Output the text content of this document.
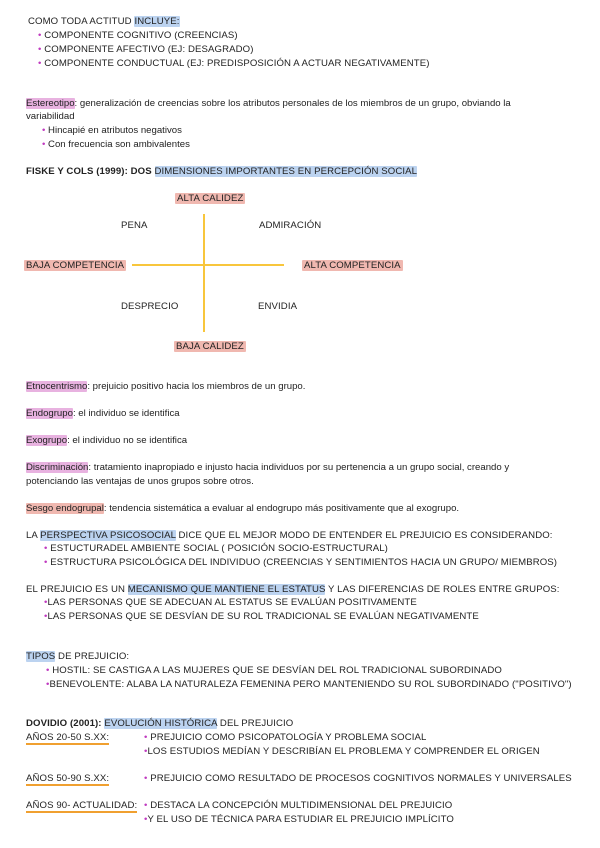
COMO TODA ACTITUD INCLUYE:
• COMPONENTE COGNITIVO (CREENCIAS)
• COMPONENTE AFECTIVO (EJ: DESAGRADO)
• COMPONENTE CONDUCTUAL (EJ: PREDISPOSICIÓN A ACTUAR NEGATIVAMENTE)
Estereotipo: generalización de creencias sobre los atributos personales de los miembros de un grupo, obviando la
variabilidad
• Hincapié en atributos negativos
• Con frecuencia son ambivalentes
FISKE Y COLS (1999): DOS DIMENSIONES IMPORTANTES EN PERCEPCIÓN SOCIAL
ALTA CALIDEZ
BAJA CALIDEZ
BAJA COMPETENCIA	ALTA COMPETENCIA
PENA	ADMIRACIÓN
DESPRECIO	ENVIDIA
Etnocentrismo: prejuicio positivo hacia los miembros de un grupo.
Endogrupo: el individuo se identifica
Exogrupo: el individuo no se identifica
Discriminación: tratamiento inapropiado e injusto hacia individuos por su pertenencia a un grupo social, creando y
potenciando las ventajas de unos grupos sobre otros.
Sesgo endogrupal: tendencia sistemática a evaluar al endogrupo más positivamente que al exogrupo.
LA PERSPECTIVA PSICOSOCIAL DICE QUE EL MEJOR MODO DE ENTENDER EL PREJUICIO ES CONSIDERANDO:
• ESTUCTURADEL AMBIENTE SOCIAL ( POSICIÓN SOCIO-ESTRUCTURAL)
• ESTRUCTURA PSICOLÓGICA DEL INDIVIDUO (CREENCIAS Y SENTIMIENTOS HACIA UN GRUPO/ MIEMBROS)
EL PREJUICIO ES UN MECANISMO QUE MANTIENE EL ESTATUS Y LAS DIFERENCIAS DE ROLES ENTRE GRUPOS:
•LAS PERSONAS QUE SE ADECUAN AL ESTATUS SE EVALÚAN POSITIVAMENTE
•LAS PERSONAS QUE SE DESVÍAN DE SU ROL TRADICIONAL SE EVALÚAN NEGATIVAMENTE
TIPOS DE PREJUICIO:
• HOSTIL: SE CASTIGA A LAS MUJERES QUE SE DESVÍAN DEL ROL TRADICIONAL SUBORDINADO
•BENEVOLENTE: ALABA LA NATURALEZA FEMENINA PERO MANTENIENDO SU ROL SUBORDINADO ("POSITIVO")
DOVIDIO (2001): EVOLUCIÓN HISTÓRICA DEL PREJUICIO
AÑOS 20-50 S.XX:	• PREJUICIO COMO PSICOPATOLOGÍA Y PROBLEMA SOCIAL
•LOS ESTUDIOS MEDÍAN Y DESCRIBÍAN EL PROBLEMA Y COMPRENDER EL ORIGEN
AÑOS 50-90 S.XX:	• PREJUICIO COMO RESULTADO DE PROCESOS COGNITIVOS NORMALES Y UNIVERSALES
AÑOS 90- ACTUALIDAD: • DESTACA LA CONCEPCIÓN MULTIDIMENSIONAL DEL PREJUICIO
•Y EL USO DE TÉCNICA PARA ESTUDIAR EL PREJUICIO IMPLÍCITO
